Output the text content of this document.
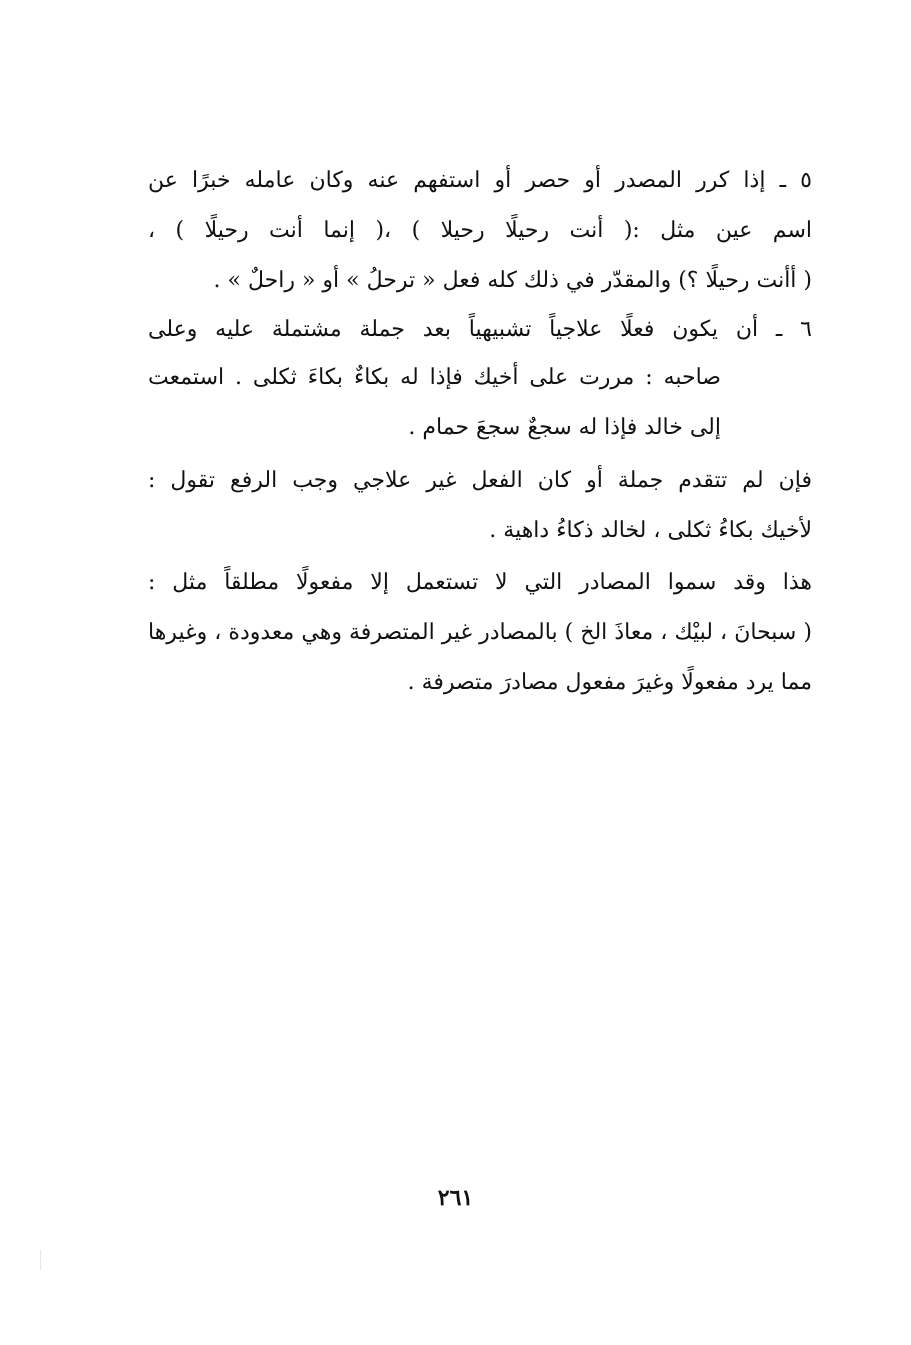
٥ ـ إذا كرر المصدر أو حصر أو استفهم عنه وكان عامله خبرًا عن
اسم عين مثل :( أنت رحيلًا رحيلا ) ،( إنما أنت رحيلًا ) ،
( أأنت رحيلًا ؟) والمقدّر في ذلك كله فعل « ترحلُ » أو « راحلٌ » .
٦ ـ أن يكون فعلًا علاجياً تشبيهياً بعد جملة مشتملة عليه وعلى
صاحبه : مررت على أخيك فإذا له بكاءٌ بكاءَ ثكلى . استمعت
إلى خالد فإذا له سجعٌ سجعَ حمام .
فإن لم تتقدم جملة أو كان الفعل غير علاجي وجب الرفع تقول :
لأخيك بكاءُ ثكلى ، لخالد ذكاءُ داهية .
هذا وقد سموا المصادر التي لا تستعمل إلا مفعولًا مطلقاً مثل :
( سبحانَ ، لبيْك ، معاذَ الخ ) بالمصادر غير المتصرفة وهي معدودة ، وغيرها
مما يرد مفعولًا وغيرَ مفعول مصادرَ متصرفة .
٢٦١
